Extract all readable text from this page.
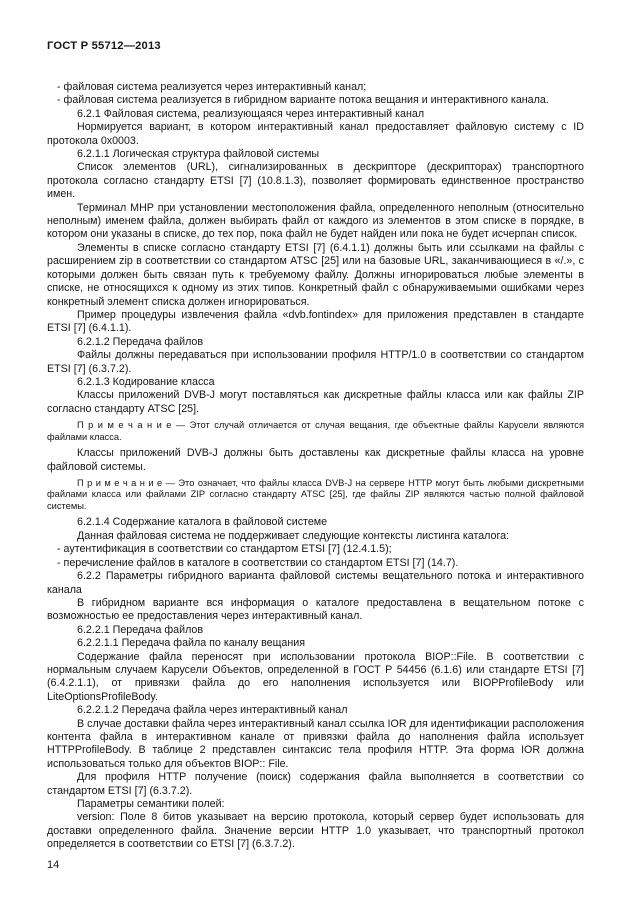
ГОСТ Р 55712—2013

- файловая система реализуется через интерактивный канал;

- файловая система реализуется в гибридном варианте потока вещания и интерактивного канала.

6.2.1 Файловая система, реализующаяся через интерактивный канал

Нормируется вариант, в котором интерактивный канал предоставляет файловую систему с ID протокола 0x0003.

6.2.1.1 Логическая структура файловой системы

Список элементов (URL), сигнализированных в дескрипторе (дескрипторах) транспортного протокола согласно стандарту ETSI [7] (10.8.1.3), позволяет формировать единственное пространство имен.

Терминал MHP при установлении местоположения файла, определенного неполным (относительно неполным) именем файла, должен выбирать файл от каждого из элементов в этом списке в порядке, в котором они указаны в списке, до тех пор, пока файл не будет найден или пока не будет исчерпан список.

Элементы в списке согласно стандарту ETSI [7] (6.4.1.1) должны быть или ссылками на файлы с расширением zip в соответствии со стандартом ATSC [25] или на базовые URL, заканчивающиеся в «/.», с которыми должен быть связан путь к требуемому файлу. Должны игнорироваться любые элементы в списке, не относящихся к одному из этих типов. Конкретный файл с обнаруживаемыми ошибками через конкретный элемент списка должен игнорироваться.

Пример процедуры извлечения файла «dvb.fontindex» для приложения представлен в стандарте ETSI [7] (6.4.1.1).

6.2.1.2 Передача файлов

Файлы должны передаваться при использовании профиля HTTP/1.0 в соответствии со стандартом ETSI [7] (6.3.7.2).

6.2.1.3 Кодирование класса

Классы приложений DVB-J могут поставляться как дискретные файлы класса или как файлы ZIP согласно стандарту ATSC [25].

П р и м е ч а н и е — Этот случай отличается от случая вещания, где объектные файлы Карусели являются файлами класса.

Классы приложений DVB-J должны быть доставлены как дискретные файлы класса на уровне файловой системы.

П р и м е ч а н и е — Это означает, что файлы класса DVB-J на сервере HTTP могут быть любыми дискретными файлами класса или файлами ZIP согласно стандарту ATSC [25], где файлы ZIP являются частью полной файловой системы.

6.2.1.4 Содержание каталога в файловой системе

Данная файловая система не поддерживает следующие контексты листинга каталога:

- аутентификация в соответствии со стандартом ETSI [7] (12.4.1.5);

- перечисление файлов в каталоге в соответствии со стандартом ETSI [7] (14.7).

6.2.2 Параметры гибридного варианта файловой системы вещательного потока и интерактивного канала

В гибридном варианте вся информация о каталоге предоставлена в вещательном потоке с возможностью ее предоставления через интерактивный канал.

6.2.2.1 Передача файлов

6.2.2.1.1 Передача файла по каналу вещания

Содержание файла переносят при использовании протокола BIOP::File. В соответствии с нормальным случаем Карусели Объектов, определенной в ГОСТ Р 54456 (6.1.6) или стандарте ETSI [7] (6.4.2.1.1), от привязки файла до его наполнения используется или BIOPProfileBody или LiteOptionsProfileBody.

6.2.2.1.2 Передача файла через интерактивный канал

В случае доставки файла через интерактивный канал ссылка IOR для идентификации расположения контента файла в интерактивном канале от привязки файла до наполнения файла использует HTTPProfileBody. В таблице 2 представлен синтаксис тела профиля HTTP. Эта форма IOR должна использоваться только для объектов BIOP:: File.

Для профиля HTTP получение (поиск) содержания файла выполняется в соответствии со стандартом ETSI [7] (6.3.7.2).

Параметры семантики полей:

version: Поле 8 битов указывает на версию протокола, который сервер будет использовать для доставки определенного файла. Значение версии HTTP 1.0 указывает, что транспортный протокол определяется в соответствии со ETSI [7] (6.3.7.2).

14
